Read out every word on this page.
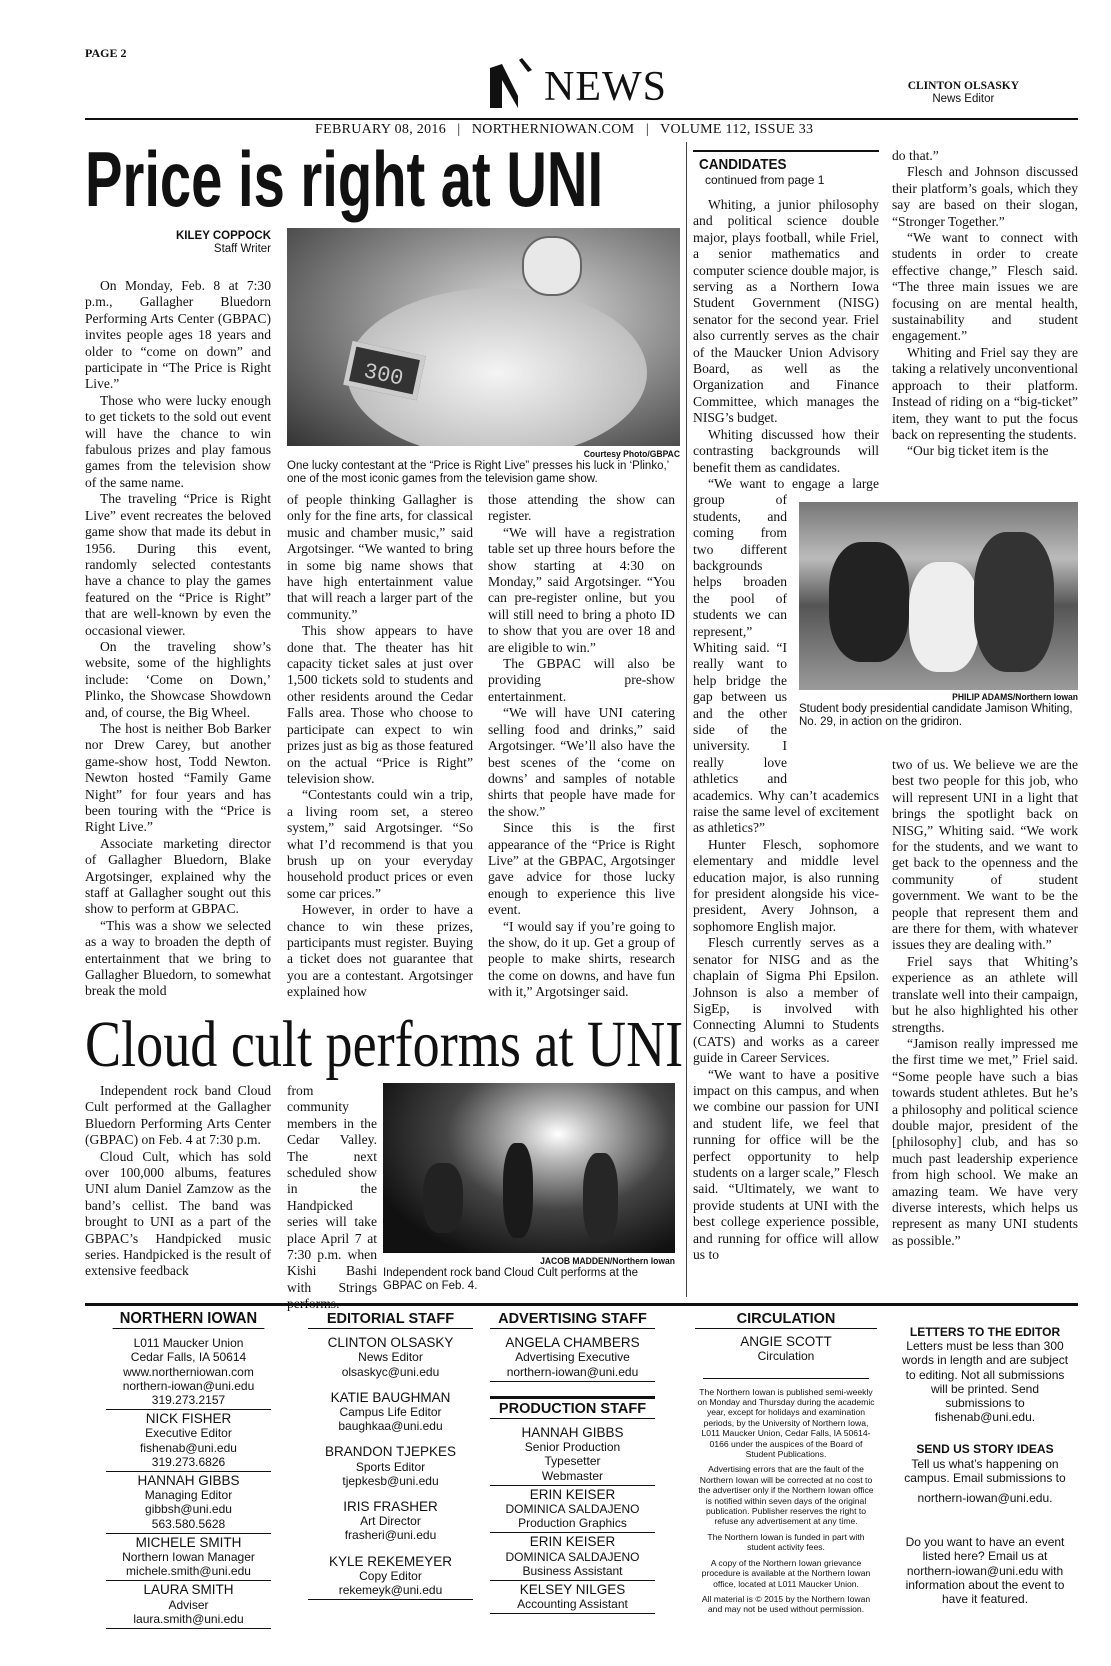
PAGE 2
NEWS	CLINTON OLSASKY
News Editor
FEBRUARY 08, 2016   |   NORTHERNIOWAN.COM   |   VOLUME 112, ISSUE 33
Price is right at UNI
KILEY COPPOCK
Staff Writer

On Monday, Feb. 8 at 7:30 p.m., Gallagher Bluedorn Performing Arts Center (GBPAC) invites people ages 18 years and older to “come on down” and participate in “The Price is Right Live.”

Those who were lucky enough to get tickets to the sold out event will have the chance to win fabulous prizes and play famous games from the television show of the same name.

The traveling “Price is Right Live” event recreates the beloved game show that made its debut in 1956. During this event, randomly selected contestants have a chance to play the games featured on the “Price is Right” that are well-known by even the occasional viewer.

On the traveling show’s website, some of the highlights include: ‘Come on Down,’ Plinko, the Showcase Showdown and, of course, the Big Wheel.

The host is neither Bob Barker nor Drew Carey, but another game-show host, Todd Newton. Newton hosted “Family Game Night” for four years and has been touring with the “Price is Right Live.”

Associate marketing director of Gallagher Bluedorn, Blake Argotsinger, explained why the staff at Gallagher sought out this show to perform at GBPAC.

“This was a show we selected as a way to broaden the depth of entertainment that we bring to Gallagher Bluedorn, to somewhat break the mold

300
Courtesy Photo/GBPAC
One lucky contestant at the “Price is Right Live” presses his luck in ‘Plinko,’ one of the most iconic games from the television game show.

of people thinking Gallagher is only for the fine arts, for classical music and chamber music,” said Argotsinger. “We wanted to bring in some big name shows that have high entertainment value that will reach a larger part of the community.”

This show appears to have done that. The theater has hit capacity ticket sales at just over 1,500 tickets sold to students and other residents around the Cedar Falls area. Those who choose to participate can expect to win prizes just as big as those featured on the actual “Price is Right” television show.

“Contestants could win a trip, a living room set, a stereo system,” said Argotsinger. “So what I’d recommend is that you brush up on your everyday household product prices or even some car prices.”

However, in order to have a chance to win these prizes, participants must register. Buying a ticket does not guarantee that you are a contestant. Argotsinger explained how

those attending the show can register.

“We will have a registration table set up three hours before the show starting at 4:30 on Monday,” said Argotsinger. “You can pre-register online, but you will still need to bring a photo ID to show that you are over 18 and are eligible to win.”

The GBPAC will also be providing pre-show entertainment.

“We will have UNI catering selling food and drinks,” said Argotsinger. “We’ll also have the best scenes of the ‘come on downs’ and samples of notable shirts that people have made for the show.”

Since this is the first appearance of the “Price is Right Live” at the GBPAC, Argotsinger gave advice for those lucky enough to experience this live event.

“I would say if you’re going to the show, do it up. Get a group of people to make shirts, research the come on downs, and have fun with it,” Argotsinger said.

CANDIDATES
continued from page 1

Whiting, a junior philosophy and political science double major, plays football, while Friel, a senior mathematics and computer science double major, is serving as a Northern Iowa Student Government (NISG) senator for the second year. Friel also currently serves as the chair of the Maucker Union Advisory Board, as well as the Organization and Finance Committee, which manages the NISG’s budget.

Whiting discussed how their contrasting backgrounds will benefit them as candidates.

“We want to engage a large group of students, and coming from two different backgrounds helps broaden the pool of students we can represent,” Whiting said. “I really want to help bridge the gap between us and the other side of the university. I really love athletics and academics. Why can’t academics raise the same level of excitement as athletics?”

Hunter Flesch, sophomore elementary and middle level education major, is also running for president alongside his vice-president, Avery Johnson, a sophomore English major.

Flesch currently serves as a senator for NISG and as the chaplain of Sigma Phi Epsilon. Johnson is also a member of SigEp, is involved with Connecting Alumni to Students (CATS) and works as a career guide in Career Services.

“We want to have a positive impact on this campus, and when we combine our passion for UNI and student life, we feel that running for office will be the perfect opportunity to help students on a larger scale,” Flesch said. “Ultimately, we want to provide students at UNI with the best college experience possible, and running for office will allow us to

do that.”

Flesch and Johnson discussed their platform’s goals, which they say are based on their slogan, “Stronger Together.”

“We want to connect with students in order to create effective change,” Flesch said. “The three main issues we are focusing on are mental health, sustainability and student engagement.”

Whiting and Friel say they are taking a relatively unconventional approach to their platform. Instead of riding on a “big-ticket” item, they want to put the focus back on representing the students.

“Our big ticket item is the

PHILIP ADAMS/Northern Iowan
Student body presidential candidate Jamison Whiting, No. 29, in action on the gridiron.

two of us. We believe we are the best two people for this job, who will represent UNI in a light that brings the spotlight back on NISG,” Whiting said. “We work for the students, and we want to get back to the openness and the community of student government. We want to be the people that represent them and are there for them, with whatever issues they are dealing with.”

Friel says that Whiting’s experience as an athlete will translate well into their campaign, but he also highlighted his other strengths.

“Jamison really impressed me the first time we met,” Friel said. “Some people have such a bias towards student athletes. But he’s a philosophy and political science double major, president of the [philosophy] club, and has so much past leadership experience from high school. We make an amazing team. We have very diverse interests, which helps us represent as many UNI students as possible.”

Cloud cult performs at UNI

Independent rock band Cloud Cult performed at the Gallagher Bluedorn Performing Arts Center (GBPAC) on Feb. 4 at 7:30 p.m.

Cloud Cult, which has sold over 100,000 albums, features UNI alum Daniel Zamzow as the band’s cellist. The band was brought to UNI as a part of the GBPAC’s Handpicked music series. Handpicked is the result of extensive feedback

from community members in the Cedar Valley. The next scheduled show in the Handpicked series will take place April 7 at 7:30 p.m. when Kishi Bashi with Strings

JACOB MADDEN/Northern Iowan
Independent rock band Cloud Cult performs at the GBPAC on Feb. 4.
NORTHERN IOWAN
L011 Maucker Union
Cedar Falls, IA 50614
www.northerniowan.com
northern-iowan@uni.edu
319.273.2157
NICK FISHER
Executive Editor
fishenab@uni.edu
319.273.6826
HANNAH GIBBS
Managing Editor
gibbsh@uni.edu
563.580.5628
MICHELE SMITH
Northern Iowan Manager
michele.smith@uni.edu
LAURA SMITH
Adviser
laura.smith@uni.edu
EDITORIAL STAFF
CLINTON OLSASKY
News Editor
olsaskyc@uni.edu
KATIE BAUGHMAN
Campus Life Editor
baughkaa@uni.edu
BRANDON TJEPKES
Sports Editor
tjepkesb@uni.edu
IRIS FRASHER
Art Director
frasheri@uni.edu
KYLE REKEMEYER
Copy Editor
rekemeyk@uni.edu
ADVERTISING STAFF
ANGELA CHAMBERS
Advertising Executive
northern-iowan@uni.edu
PRODUCTION STAFF
HANNAH GIBBS
Senior Production
Typesetter
Webmaster
ERIN KEISER
DOMINICA SALDAJENO
Production Graphics
ERIN KEISER
DOMINICA SALDAJENO
Business Assistant
KELSEY NILGES
Accounting Assistant
CIRCULATION
ANGIE SCOTT
Circulation
The Northern Iowan is published semi-weekly on Monday and Thursday during the academic year, except for holidays and examination periods, by the University of Northern Iowa, L011 Maucker Union, Cedar Falls, IA 50614-0166 under the auspices of the Board of Student Publications.
Advertising errors that are the fault of the Northern Iowan will be corrected at no cost to the advertiser only if the Northern Iowan office is notified within seven days of the original publication. Publisher reserves the right to refuse any advertisement at any time.
The Northern Iowan is funded in part with student activity fees.
A copy of the Northern Iowan grievance procedure is available at the Northern Iowan office, located at L011 Maucker Union.
All material is © 2015 by the Northern Iowan and may not be used without permission.
LETTERS TO THE EDITOR
Letters must be less than 300 words in length and are subject to editing. Not all submissions will be printed. Send submissions to fishenab@uni.edu.
SEND US STORY IDEAS
Tell us what’s happening on campus. Email submissions to
northern-iowan@uni.edu.
Do you want to have an event listed here? Email us at northern-iowan@uni.edu with information about the event to have it featured.
